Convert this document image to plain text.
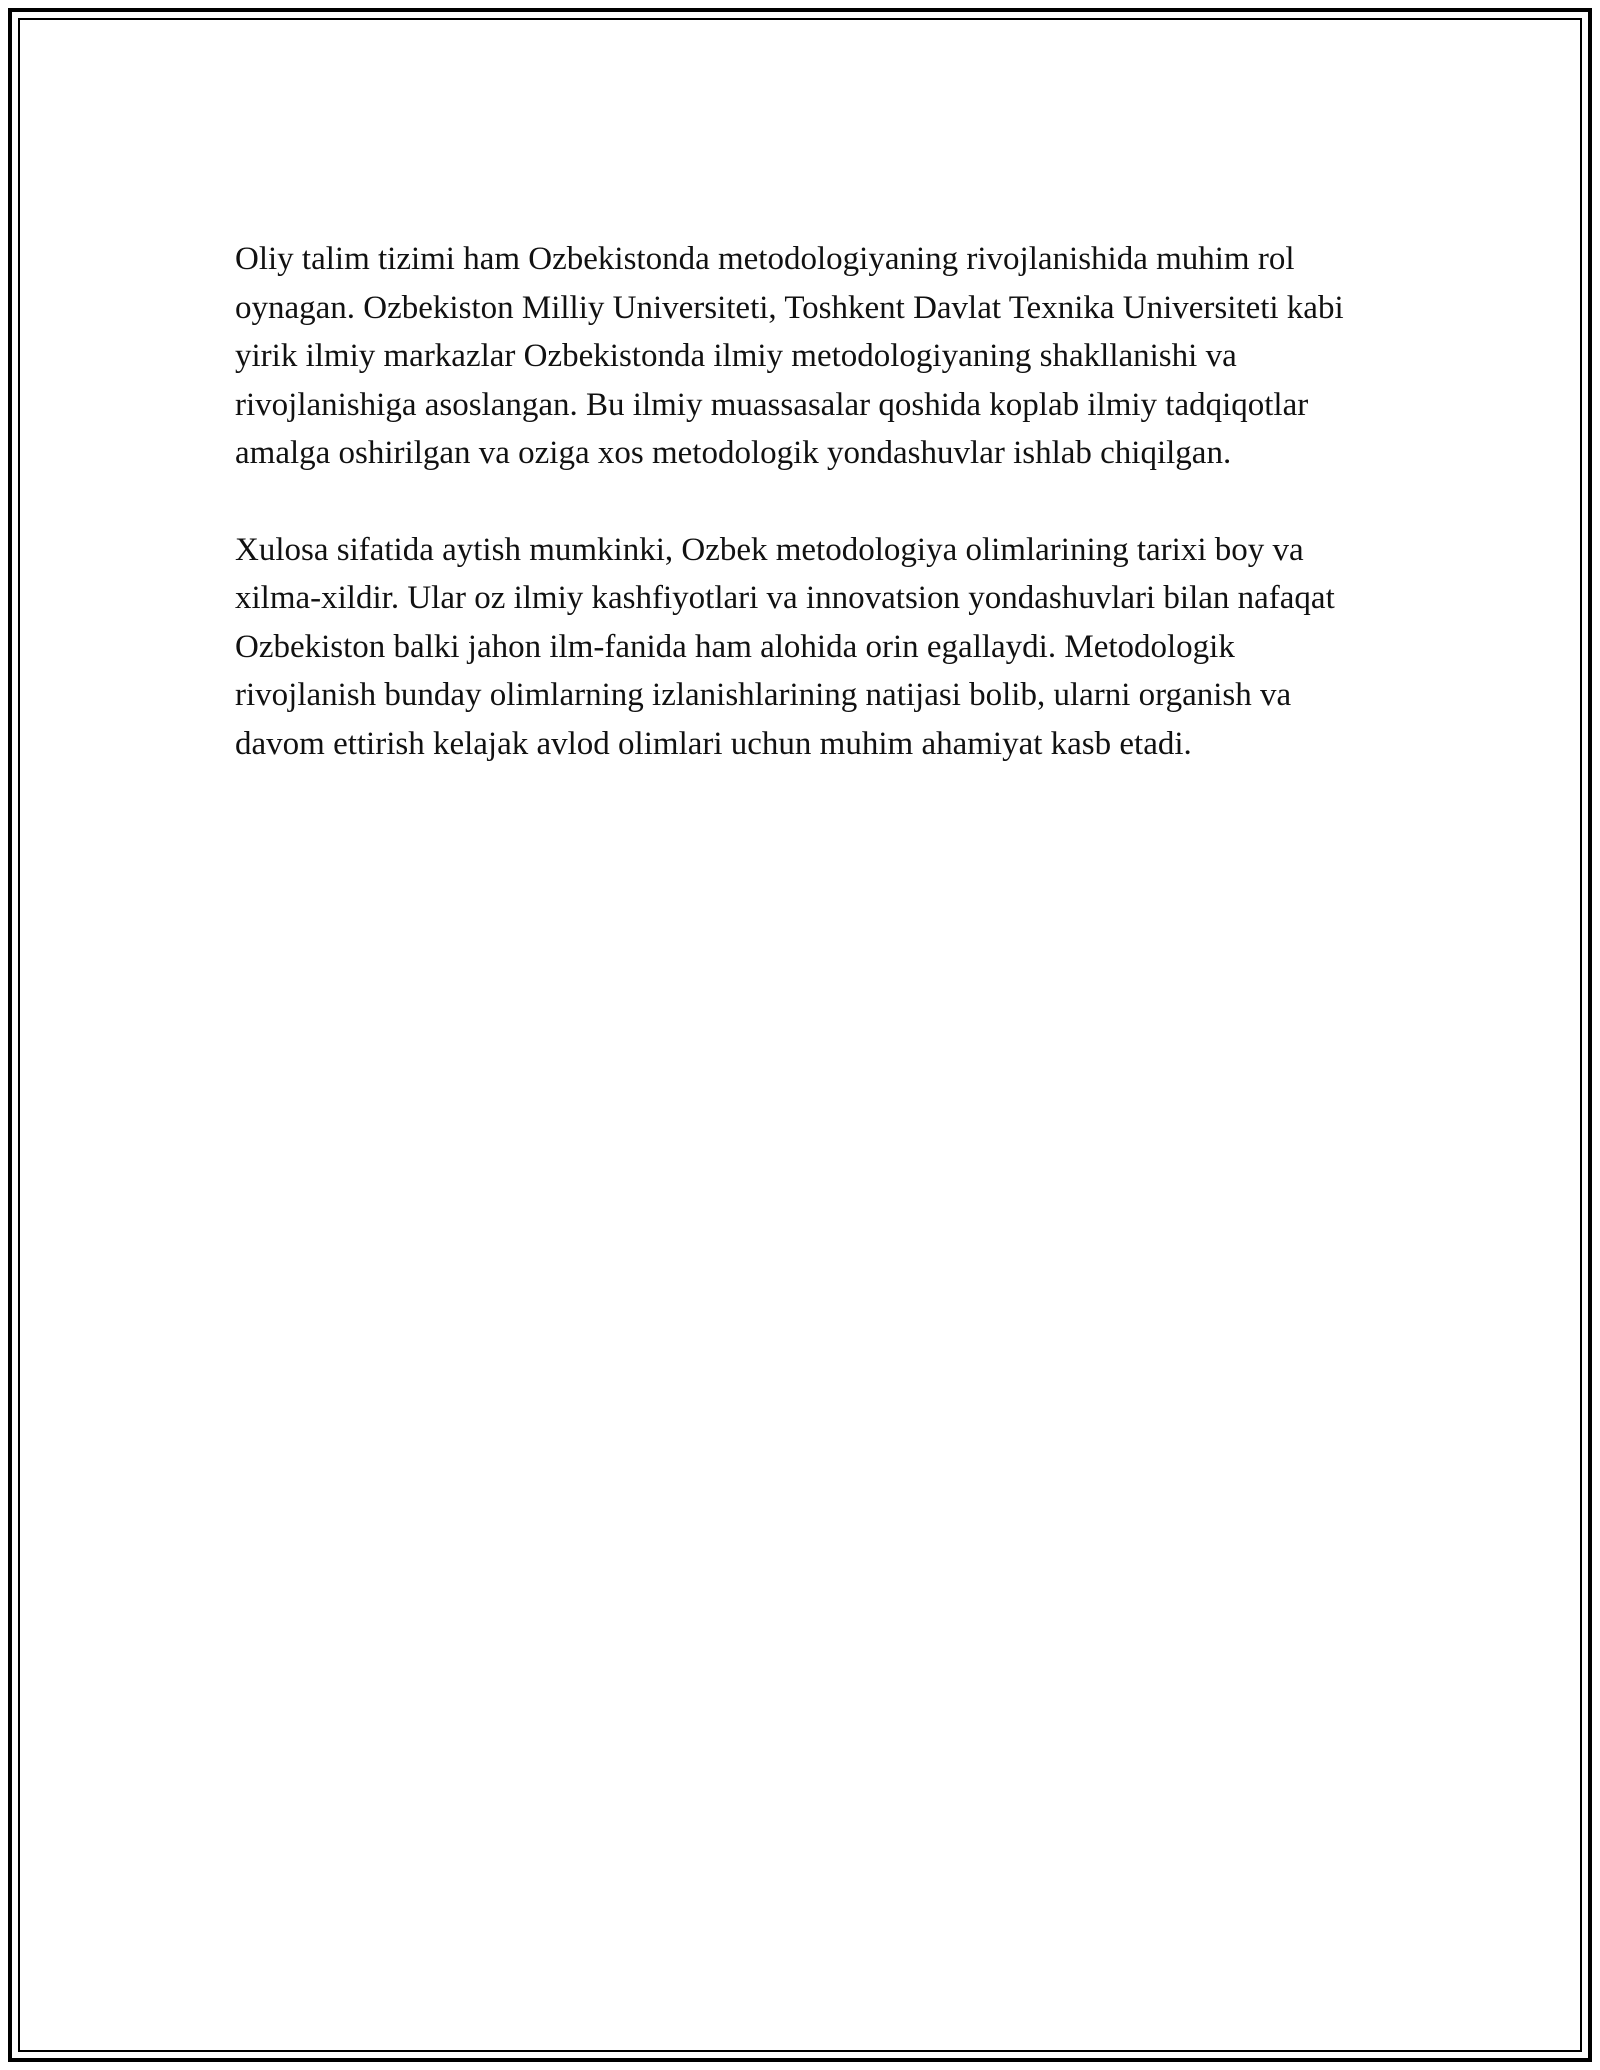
Oliy talim tizimi ham Ozbekistonda metodologiyaning rivojlanishida muhim rol oynagan. Ozbekiston Milliy Universiteti, Toshkent Davlat Texnika Universiteti kabi yirik ilmiy markazlar Ozbekistonda ilmiy metodologiyaning shakllanishi va rivojlanishiga asoslangan. Bu ilmiy muassasalar qoshida koplab ilmiy tadqiqotlar amalga oshirilgan va oziga xos metodologik yondashuvlar ishlab chiqilgan.

Xulosa sifatida aytish mumkinki, Ozbek metodologiya olimlarining tarixi boy va xilma-xildir. Ular oz ilmiy kashfiyotlari va innovatsion yondashuvlari bilan nafaqat Ozbekiston balki jahon ilm-fanida ham alohida orin egallaydi. Metodologik rivojlanish bunday olimlarning izlanishlarining natijasi bolib, ularni organish va davom ettirish kelajak avlod olimlari uchun muhim ahamiyat kasb etadi.
